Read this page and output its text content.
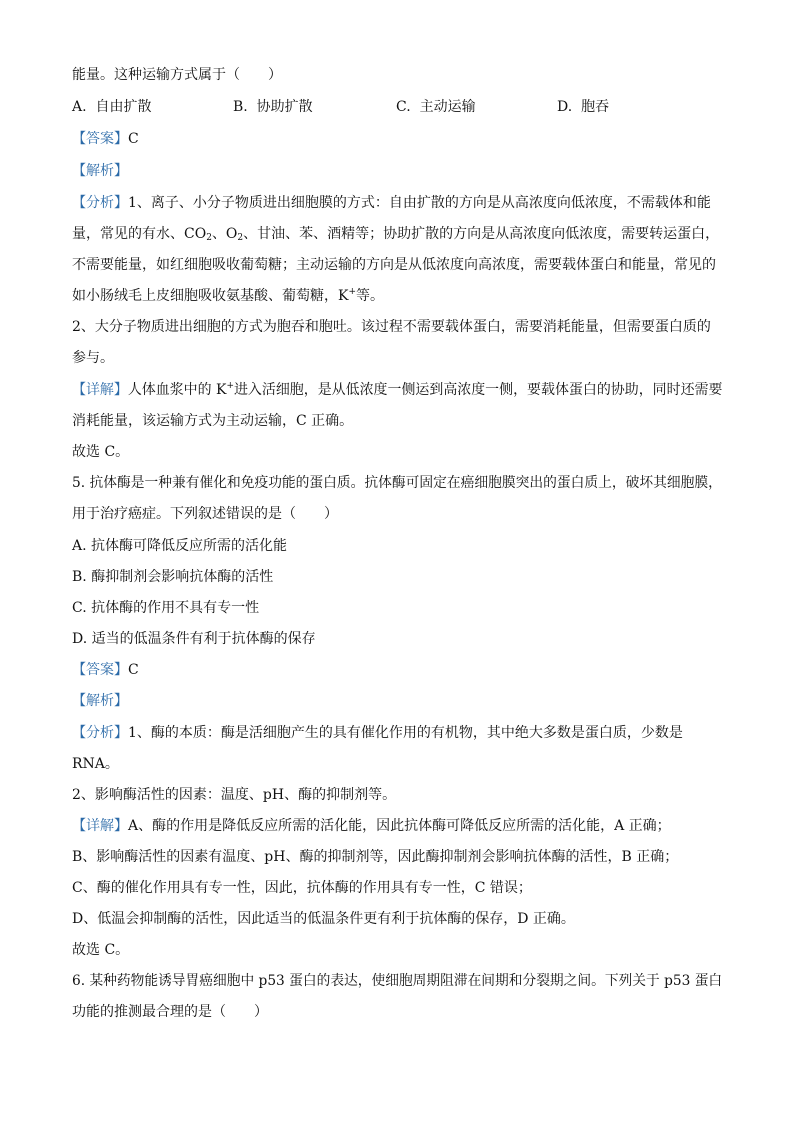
能量。这种运输方式属于（　　）
A. 自由扩散	B. 协助扩散	C. 主动运输	D. 胞吞
【答案】C
【解析】
【分析】1、离子、小分子物质进出细胞膜的方式：自由扩散的方向是从高浓度向低浓度，不需载体和能
量，常见的有水、$CO_2$、$O_2$、甘油、苯、酒精等；协助扩散的方向是从高浓度向低浓度，需要转运蛋白，
不需要能量，如红细胞吸收葡萄糖；主动运输的方向是从低浓度向高浓度，需要载体蛋白和能量，常见的
如小肠绒毛上皮细胞吸收氨基酸、葡萄糖，K+等。
2、大分子物质进出细胞的方式为胞吞和胞吐。该过程不需要载体蛋白，需要消耗能量，但需要蛋白质的
参与。
【详解】人体血浆中的 K+进入活细胞，是从低浓度一侧运到高浓度一侧，要载体蛋白的协助，同时还需要
消耗能量，该运输方式为主动运输，C 正确。
故选 C。
5. 抗体酶是一种兼有催化和免疫功能的蛋白质。抗体酶可固定在癌细胞膜突出的蛋白质上，破坏其细胞膜，
用于治疗癌症。下列叙述错误的是（　　）
A. 抗体酶可降低反应所需的活化能
B. 酶抑制剂会影响抗体酶的活性
C. 抗体酶的作用不具有专一性
D. 适当的低温条件有利于抗体酶的保存
【答案】C
【解析】
【分析】1、酶的本质：酶是活细胞产生的具有催化作用的有机物，其中绝大多数是蛋白质，少数是
RNA。
2、影响酶活性的因素：温度、pH、酶的抑制剂等。
【详解】A、酶的作用是降低反应所需的活化能，因此抗体酶可降低反应所需的活化能，A 正确；
B、影响酶活性的因素有温度、pH、酶的抑制剂等，因此酶抑制剂会影响抗体酶的活性，B 正确；
C、酶的催化作用具有专一性，因此，抗体酶的作用具有专一性，C 错误；
D、低温会抑制酶的活性，因此适当的低温条件更有利于抗体酶的保存，D 正确。
故选 C。
6. 某种药物能诱导胃癌细胞中 p53 蛋白的表达，使细胞周期阻滞在间期和分裂期之间。下列关于 p53 蛋白
功能的推测最合理的是（　　）
